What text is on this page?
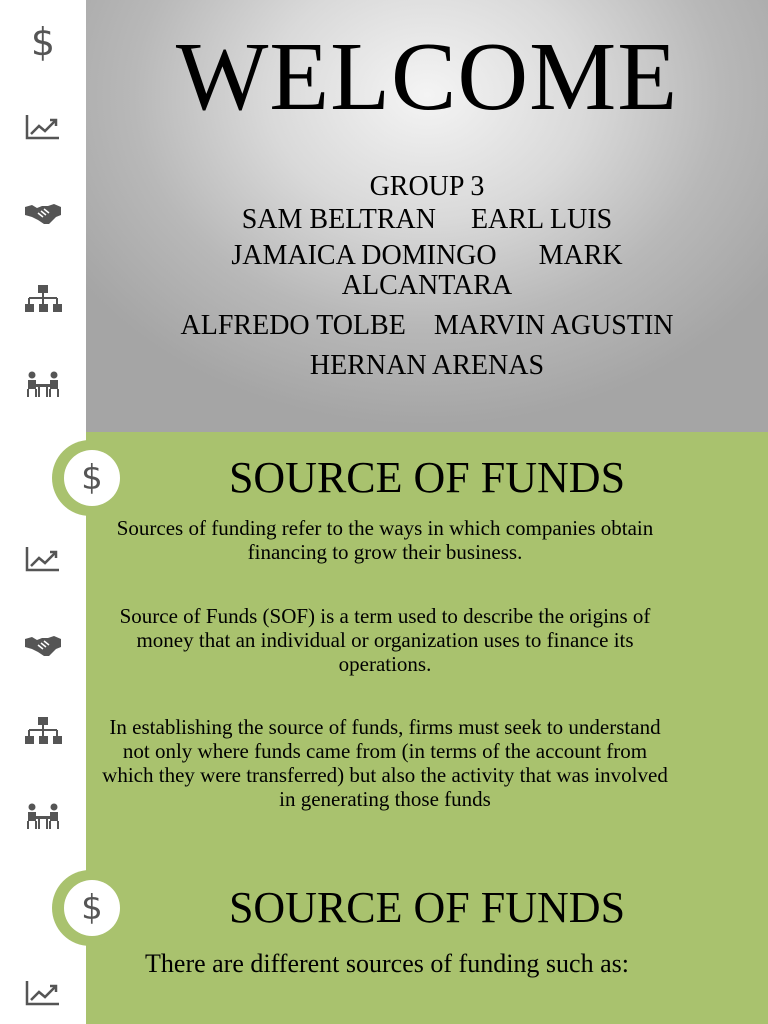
$	WELCOME
GROUP 3
SAM BELTRAN     EARL LUIS
JAMAICA DOMINGO      MARK
ALCANTARA
ALFREDO TOLBE    MARVIN AGUSTIN
HERNAN ARENAS
SOURCE OF FUNDS
Sources of funding refer to the ways in which companies obtain financing to grow their business.
Source of Funds (SOF) is a term used to describe the origins of money that an individual or organization uses to finance its operations.
In establishing the source of funds, firms must seek to understand not only where funds came from (in terms of the account from which they were transferred) but also the activity that was involved in generating those funds
$
SOURCE OF FUNDS
There are different sources of funding such as:
$
